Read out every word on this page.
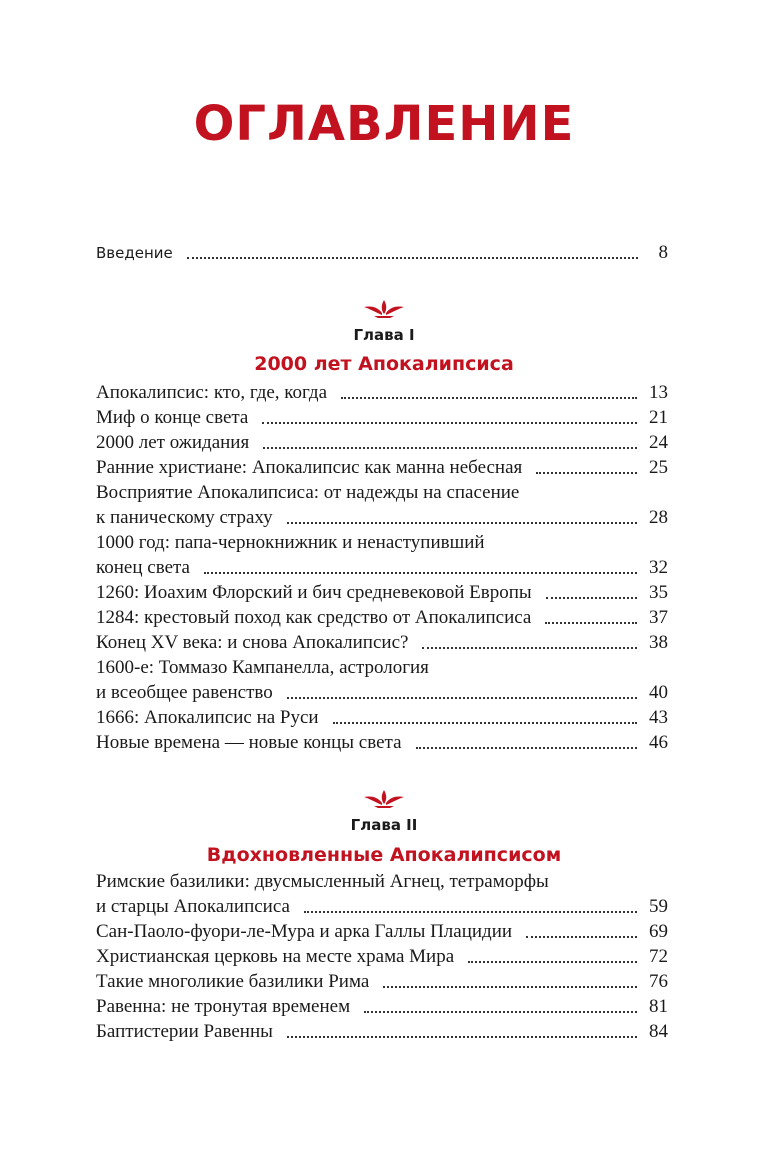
ОГЛАВЛЕНИЕ
Введение	8
Глава I
2000 лет Апокалипсиса
Апокалипсис: кто, где, когда	13
Миф о конце света	21
2000 лет ожидания	24
Ранние христиане: Апокалипсис как манна небесная	25
Восприятие Апокалипсиса: от надежды на спасение
к паническому страху	28
1000 год: папа-чернокнижник и ненаступивший
конец света	32
1260: Иоахим Флорский и бич средневековой Европы	35
1284: крестовый поход как средство от Апокалипсиса	37
Конец XV века: и снова Апокалипсис?	38
1600-е: Томмазо Кампанелла, астрология
и всеобщее равенство	40
1666: Апокалипсис на Руси	43
Новые времена — новые концы света	46
Глава II
Вдохновленные Апокалипсисом
Римские базилики: двусмысленный Агнец, тетраморфы
и старцы Апокалипсиса	59
Сан-Паоло-фуори-ле-Мура и арка Галлы Плацидии	69
Христианская церковь на месте храма Мира	72
Такие многоликие базилики Рима	76
Равенна: не тронутая временем	81
Баптистерии Равенны	84
